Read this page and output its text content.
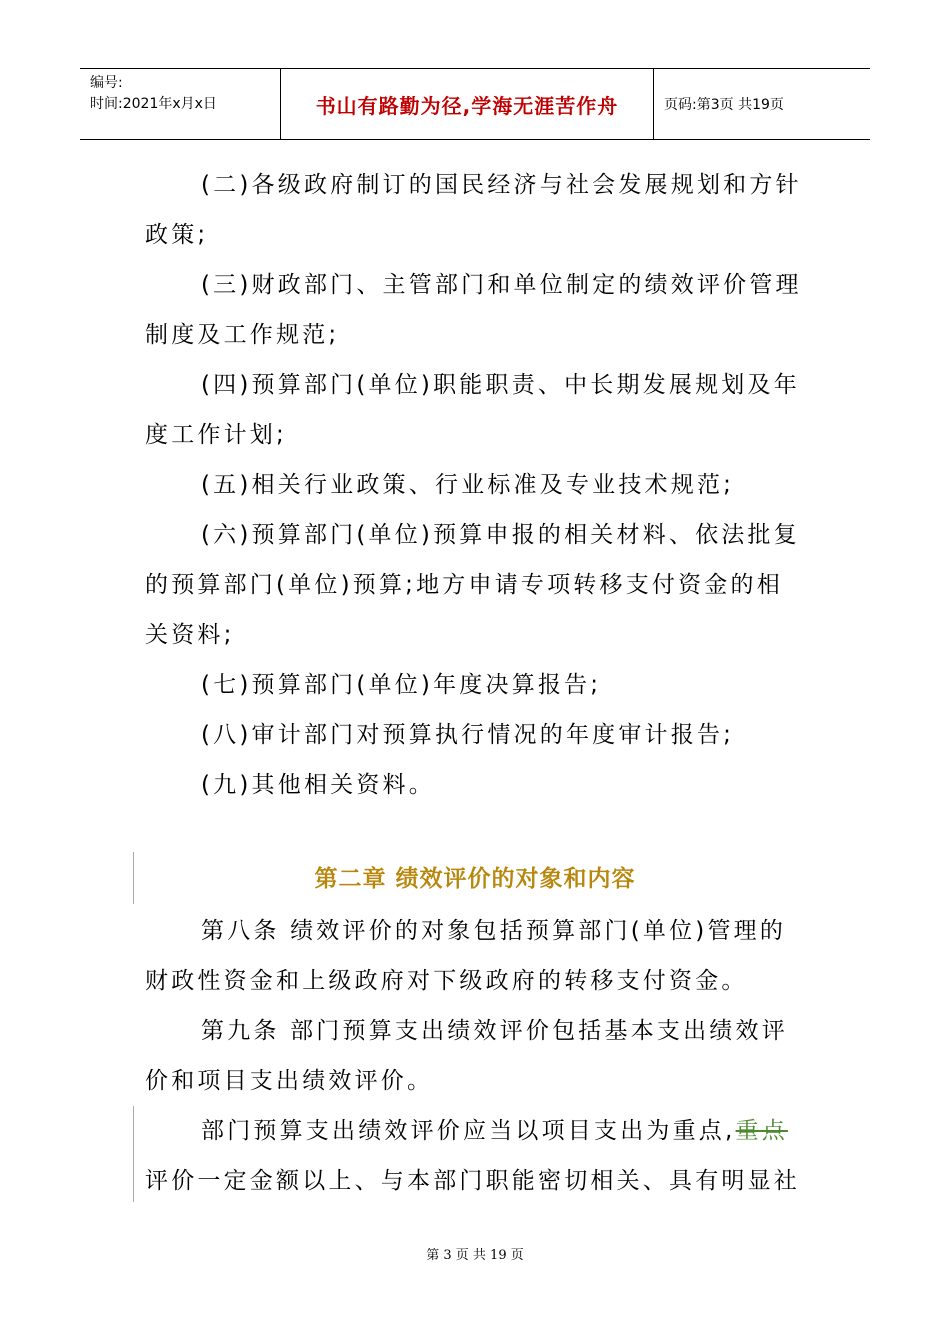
编号:
时间:2021年x月x日	书山有路勤为径,学海无涯苦作舟	页码:第3页 共19页

(二)各级政府制订的国民经济与社会发展规划和方针政策;

(三)财政部门、主管部门和单位制定的绩效评价管理制度及工作规范;

(四)预算部门(单位)职能职责、中长期发展规划及年度工作计划;

(五)相关行业政策、行业标准及专业技术规范;

(六)预算部门(单位)预算申报的相关材料、依法批复的预算部门(单位)预算;地方申请专项转移支付资金的相关资料;

(七)预算部门(单位)年度决算报告;

(八)审计部门对预算执行情况的年度审计报告;

(九)其他相关资料。

第二章 绩效评价的对象和内容

第八条 绩效评价的对象包括预算部门(单位)管理的财政性资金和上级政府对下级政府的转移支付资金。

第九条 部门预算支出绩效评价包括基本支出绩效评价和项目支出绩效评价。

部门预算支出绩效评价应当以项目支出为重点,重点评价一定金额以上、与本部门职能密切相关、具有明显社

第 3 页 共 19 页
